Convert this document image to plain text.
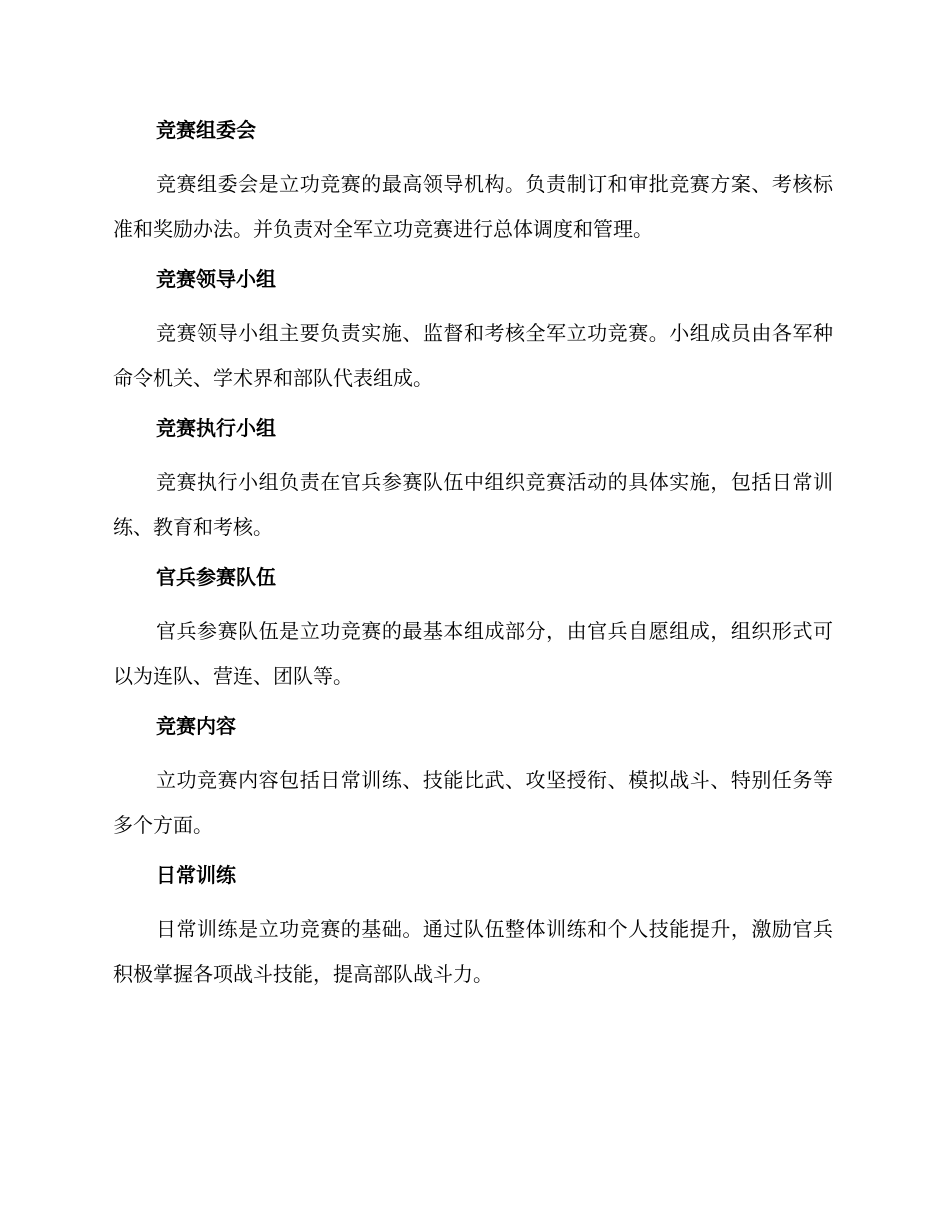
竞赛组委会

竞赛组委会是立功竞赛的最高领导机构。负责制订和审批竞赛方案、考核标准和奖励办法。并负责对全军立功竞赛进行总体调度和管理。

竞赛领导小组

竞赛领导小组主要负责实施、监督和考核全军立功竞赛。小组成员由各军种命令机关、学术界和部队代表组成。

竞赛执行小组

竞赛执行小组负责在官兵参赛队伍中组织竞赛活动的具体实施，包括日常训练、教育和考核。

官兵参赛队伍

官兵参赛队伍是立功竞赛的最基本组成部分，由官兵自愿组成，组织形式可以为连队、营连、团队等。

竞赛内容

立功竞赛内容包括日常训练、技能比武、攻坚授衔、模拟战斗、特别任务等多个方面。

日常训练

日常训练是立功竞赛的基础。通过队伍整体训练和个人技能提升，激励官兵积极掌握各项战斗技能，提高部队战斗力。
